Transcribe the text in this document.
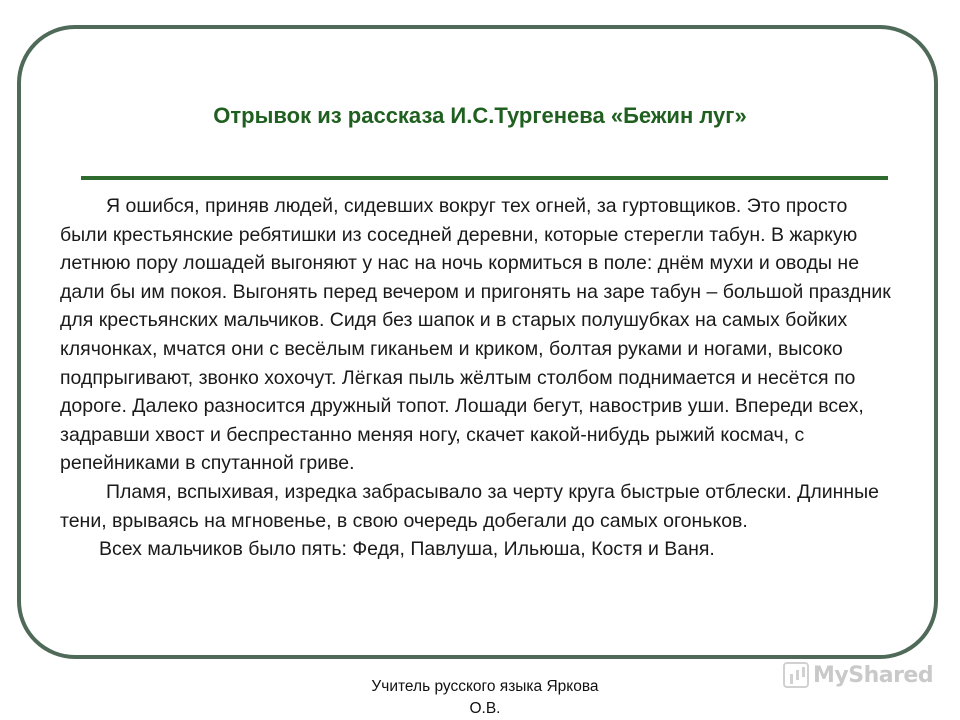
Отрывок из рассказа И.С.Тургенева «Бежин луг»

Я ошибся, приняв людей, сидевших вокруг тех огней, за гуртовщиков. Это просто были крестьянские ребятишки из соседней деревни, которые стерегли табун. В жаркую летнюю пору лошадей выгоняют у нас на ночь кормиться в поле: днём мухи и оводы не дали бы им покоя. Выгонять перед вечером и пригонять на заре табун – большой праздник для крестьянских мальчиков. Сидя без шапок и в старых полушубках на самых бойких клячонках, мчатся они с весёлым гиканьем и криком, болтая руками и ногами, высоко подпрыгивают, звонко хохочут. Лёгкая пыль жёлтым столбом поднимается и несётся по дороге. Далеко разносится дружный топот. Лошади бегут, навострив уши. Впереди всех, задравши хвост и беспрестанно меняя ногу, скачет какой-нибудь рыжий космач, с репейниками в спутанной гриве.

Пламя, вспыхивая, изредка забрасывало за черту круга быстрые отблески. Длинные тени, врываясь на мгновенье, в свою очередь добегали до самых огоньков.

Всех мальчиков было пять: Федя, Павлуша, Ильюша, Костя и Ваня.

Учитель русского языка Яркова
О.В.
MyShared
